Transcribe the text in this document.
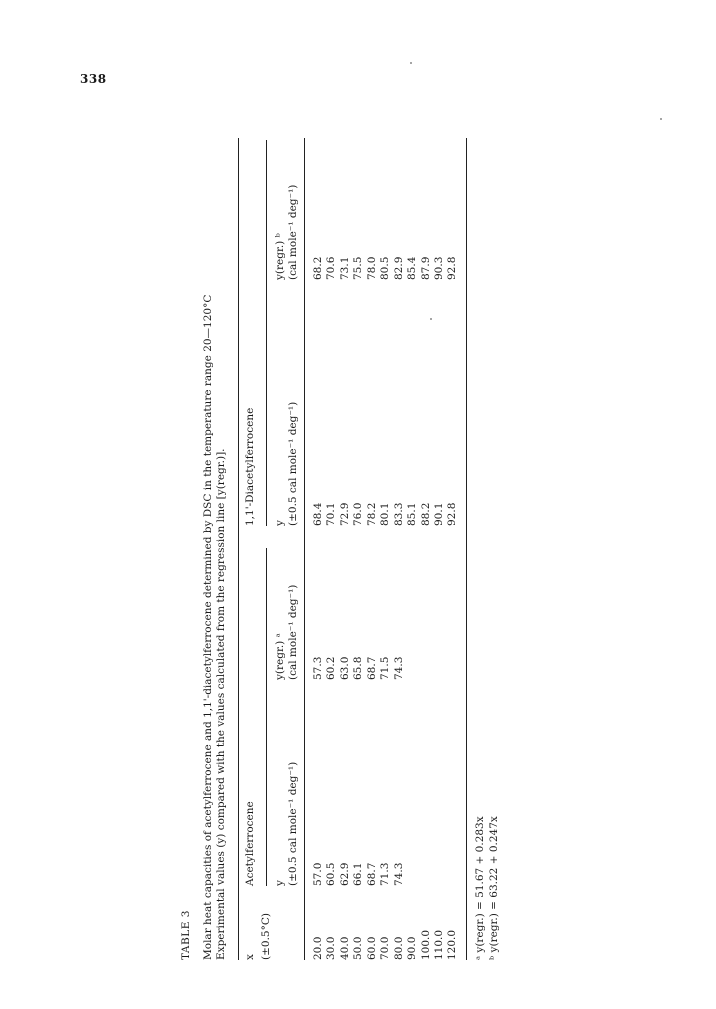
338
TABLE 3 Molar heat capacities of acetylferrocene and 1,1'-diacetylferrocene determined by DSC in the temperature range 20—120°C Experimental values (y) compared with the values calculated from the regression line [y(regr.)]. x (±0.5°C)
Acetylferrocene
1,1'-Diacetylferrocene
y (±0.5 cal mole⁻¹ deg⁻¹)
y(regr.) ᵃ (cal mole⁻¹ deg⁻¹)
y (±0.5 cal mole⁻¹ deg⁻¹)
y(regr.) ᵇ (cal mole⁻¹ deg⁻¹)
20.0 30.0 40.0 50.0 60.0 70.0 80.0 90.0 100.0 110.0 120.0
57.0 60.5 62.9 66.1 68.7 71.3 74.3

57.3 60.2 63.0 65.8 68.7 71.5 74.3

68.4 70.1 72.9 76.0 78.2 80.1 83.3 85.1 88.2 90.1 92.8
68.2 70.6 73.1 75.5 78.0 80.5 82.9 85.4 87.9 90.3 92.8
ᵃ y(regr.) = 51.67 + 0.283x ᵇ y(regr.) = 63.22 + 0.247x
